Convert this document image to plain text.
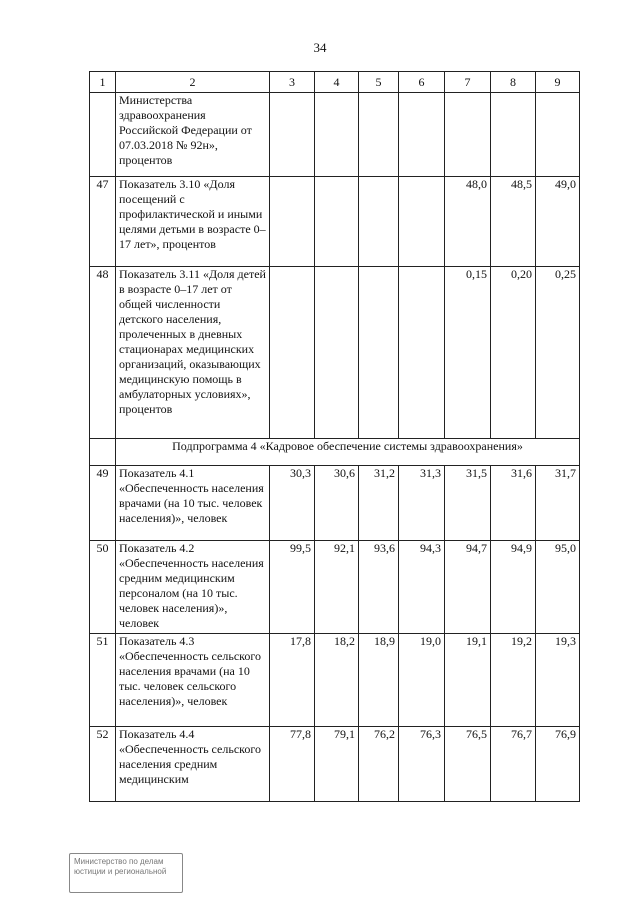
34
1	2	3	4	5	6	7	8	9
	Министерства здравоохранения Российской Федерации от 07.03.2018 № 92н», процентов							
47	Показатель 3.10 «Доля посещений с профилактической и иными целями детьми в возрасте 0–17 лет», процентов					48,0	48,5	49,0
48	Показатель 3.11 «Доля детей в возрасте 0–17 лет от общей численности детского населения, пролеченных в дневных стационарах медицинских организаций, оказывающих медицинскую помощь в амбулаторных условиях», процентов					0,15	0,20	0,25
	Подпрограмма 4 «Кадровое обеспечение системы здравоохранения»							
49	Показатель 4.1 «Обеспеченность населения врачами (на 10 тыс. человек населения)», человек	30,3	30,6	31,2	31,3	31,5	31,6	31,7
50	Показатель 4.2 «Обеспеченность населения средним медицинским персоналом (на 10 тыс. человек населения)», человек	99,5	92,1	93,6	94,3	94,7	94,9	95,0
51	Показатель 4.3 «Обеспеченность сельского населения врачами (на 10 тыс. человек сельского населения)», человек	17,8	18,2	18,9	19,0	19,1	19,2	19,3
52	Показатель 4.4 «Обеспеченность сельского населения средним медицинским	77,8	79,1	76,2	76,3	76,5	76,7	76,9
Министерство по делам
юстиции и региональной
